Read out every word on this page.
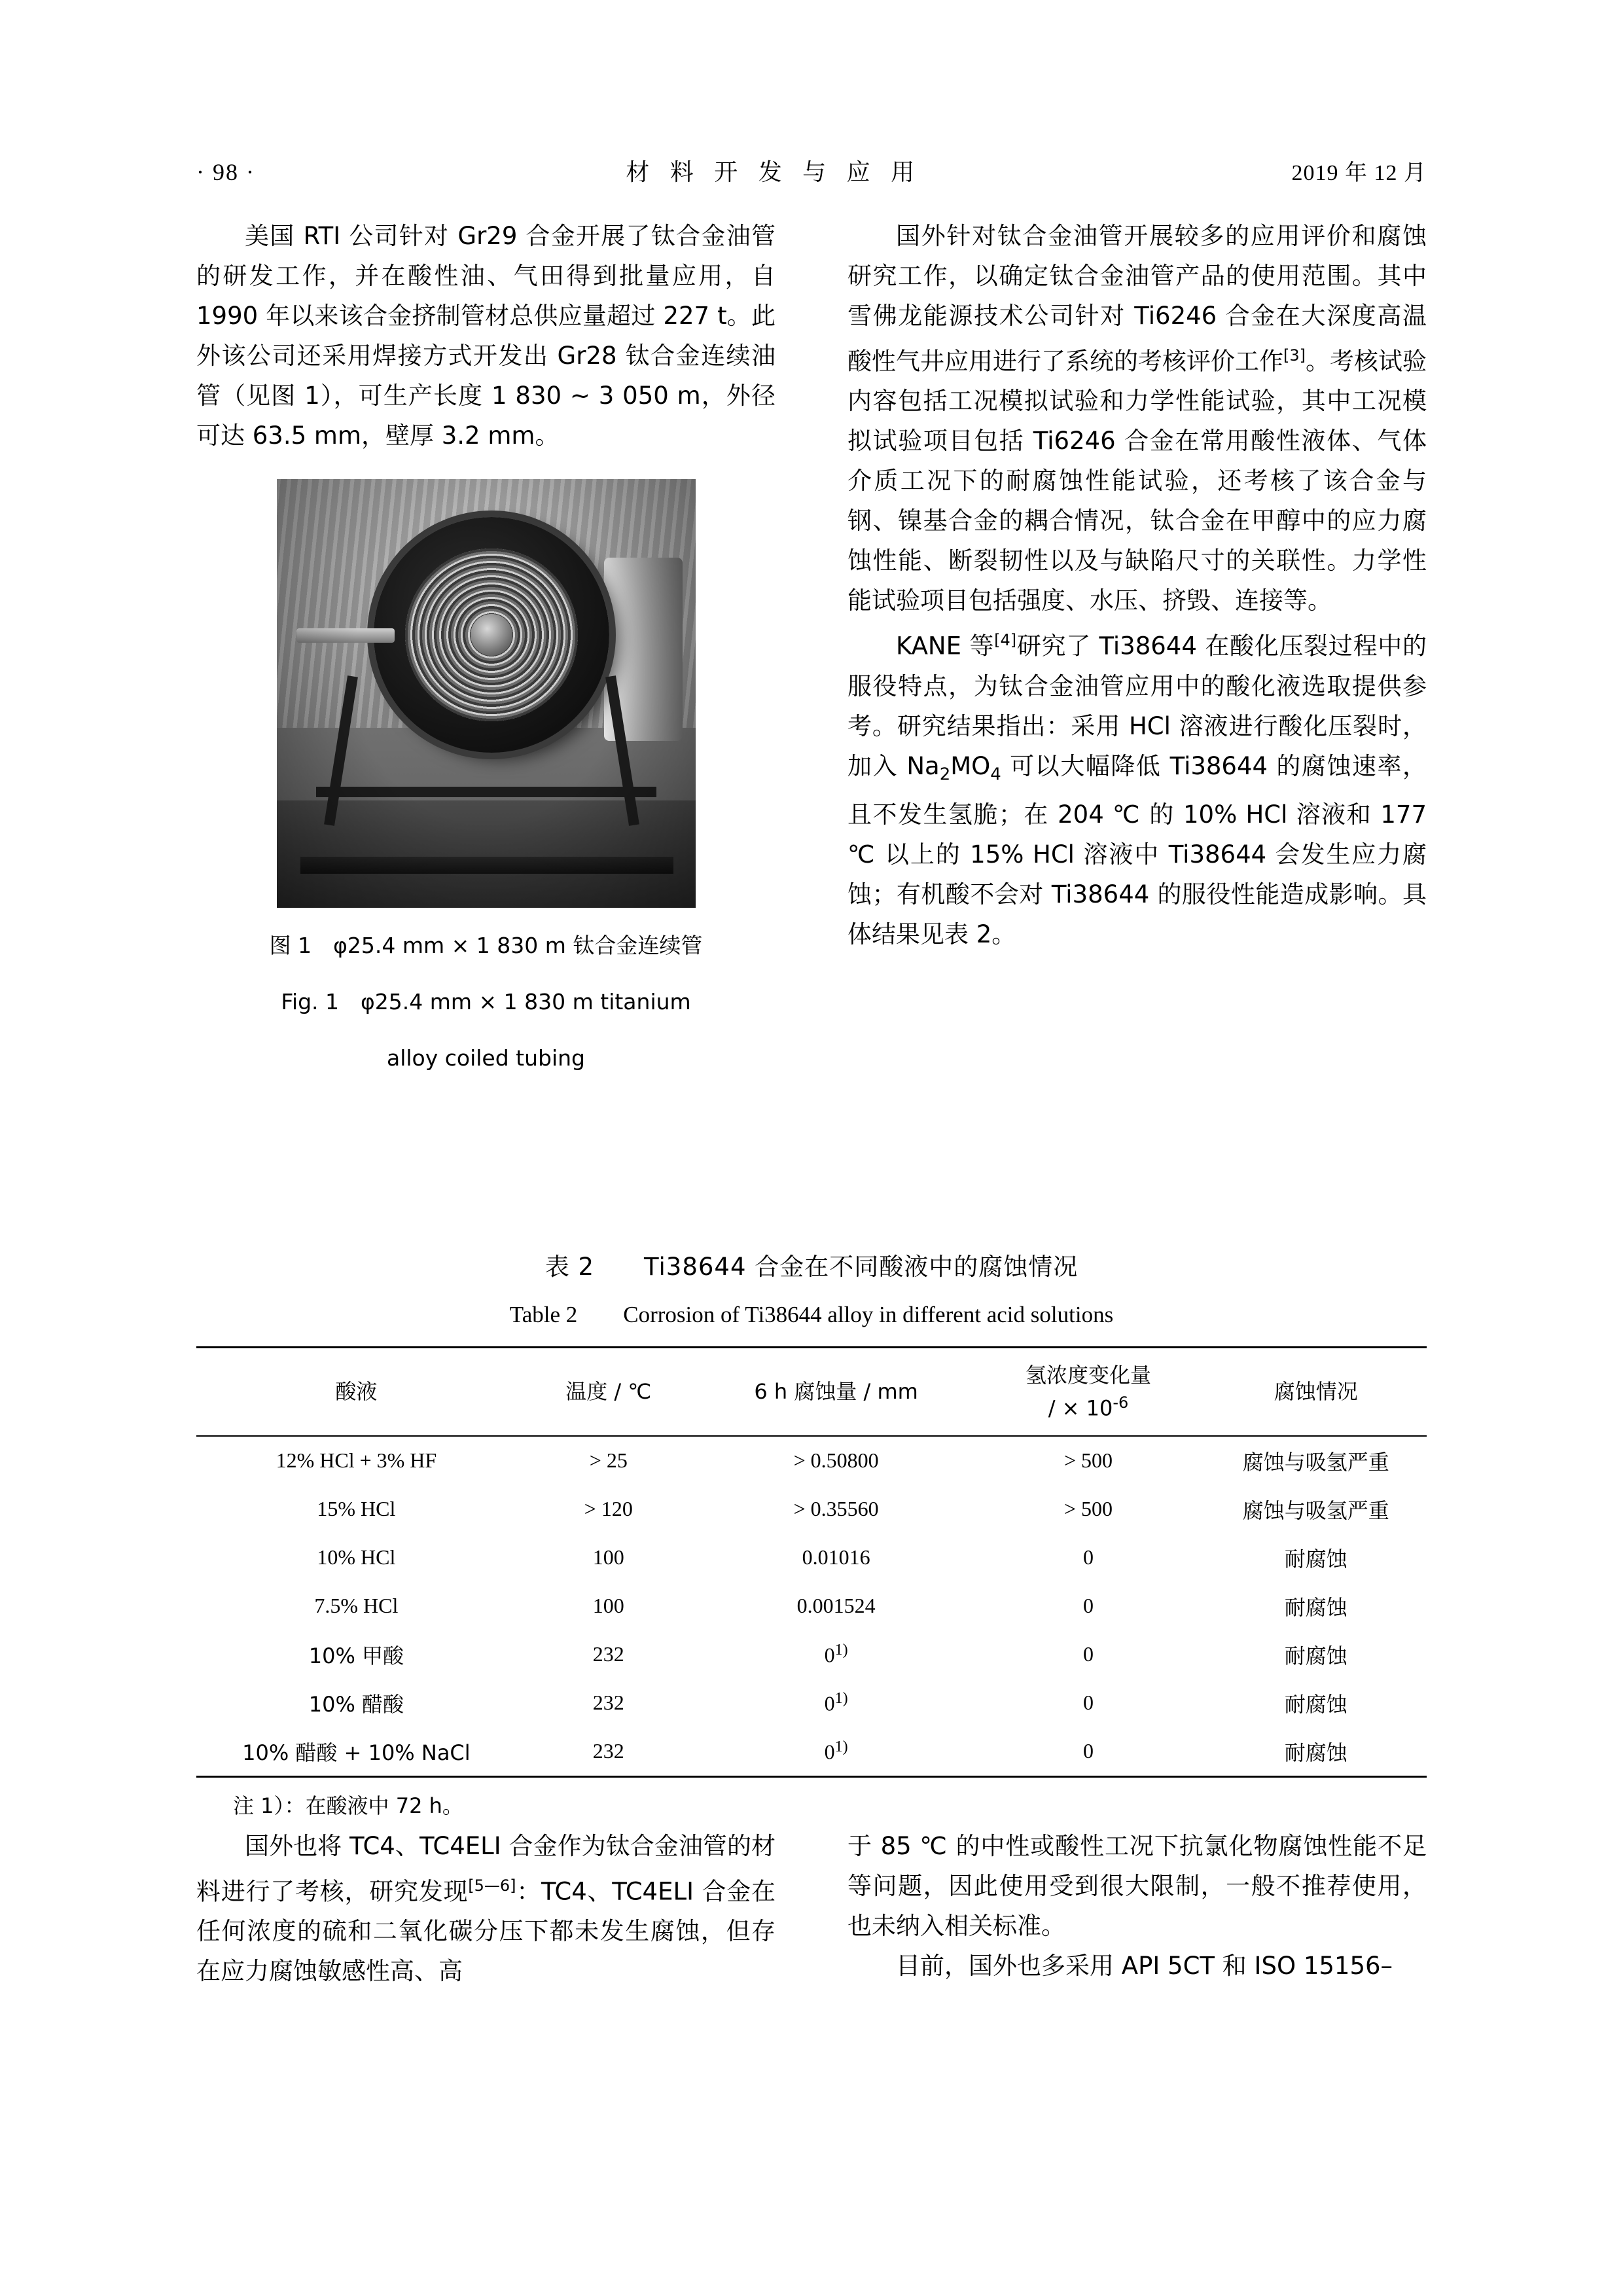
· 98 ·	材 料 开 发 与 应 用	2019 年 12 月

美国 RTI 公司针对 Gr29 合金开展了钛合金油管的研发工作，并在酸性油、气田得到批量应用，自 1990 年以来该合金挤制管材总供应量超过 227 t。此外该公司还采用焊接方式开发出 Gr28 钛合金连续油管（见图 1），可生产长度 1 830 ~ 3 050 m，外径可达 63.5 mm，壁厚 3.2 mm。

图 1　φ25.4 mm × 1 830 m 钛合金连续管
Fig. 1　φ25.4 mm × 1 830 m titanium
alloy coiled tubing

国外针对钛合金油管开展较多的应用评价和腐蚀研究工作，以确定钛合金油管产品的使用范围。其中雪佛龙能源技术公司针对 Ti6246 合金在大深度高温酸性气井应用进行了系统的考核评价工作[3]。考核试验内容包括工况模拟试验和力学性能试验，其中工况模拟试验项目包括 Ti6246 合金在常用酸性液体、气体介质工况下的耐腐蚀性能试验，还考核了该合金与钢、镍基合金的耦合情况，钛合金在甲醇中的应力腐蚀性能、断裂韧性以及与缺陷尺寸的关联性。力学性能试验项目包括强度、水压、挤毁、连接等。

KANE 等[4]研究了 Ti38644 在酸化压裂过程中的服役特点，为钛合金油管应用中的酸化液选取提供参考。研究结果指出：采用 HCl 溶液进行酸化压裂时，加入 $Na_2MO_4$ 可以大幅降低 Ti38644 的腐蚀速率，且不发生氢脆；在 204 ℃ 的 10% HCl 溶液和 177 ℃ 以上的 15% HCl 溶液中 Ti38644 会发生应力腐蚀；有机酸不会对 Ti38644 的服役性能造成影响。具体结果见表 2。

表 2　　Ti38644 合金在不同酸液中的腐蚀情况
Table 2　　Corrosion of Ti38644 alloy in different acid solutions
酸液	温度 / ℃	6 h 腐蚀量 / mm	氢浓度变化量
/ × 10$^{-6}$	腐蚀情况
12% HCl + 3% HF	> 25	> 0.50800	> 500	腐蚀与吸氢严重
15% HCl	> 120	> 0.35560	> 500	腐蚀与吸氢严重
10% HCl	100	0.01016	0	耐腐蚀
7.5% HCl	100	0.001524	0	耐腐蚀
10% 甲酸	232	0$^{1)}$	0	耐腐蚀
10% 醋酸	232	0$^{1)}$	0	耐腐蚀
10% 醋酸 + 10% NaCl	232	0$^{1)}$	0	耐腐蚀
注 1）：在酸液中 72 h。

国外也将 TC4、TC4ELI 合金作为钛合金油管的材料进行了考核，研究发现[5—6]：TC4、TC4ELI 合金在任何浓度的硫和二氧化碳分压下都未发生腐蚀，但存在应力腐蚀敏感性高、高

于 85 ℃ 的中性或酸性工况下抗氯化物腐蚀性能不足等问题，因此使用受到很大限制，一般不推荐使用，也未纳入相关标准。

目前，国外也多采用 API 5CT 和 ISO 15156–
